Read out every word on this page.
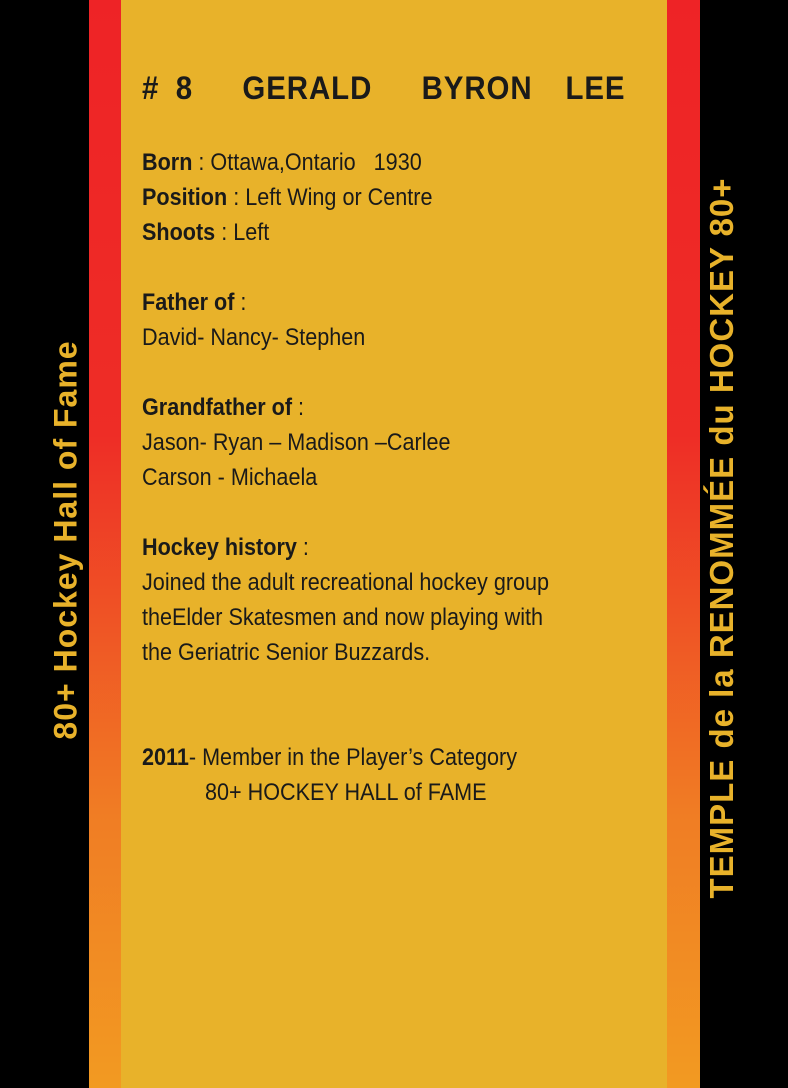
80+ Hockey Hall of Fame	TEMPLE de la RENOMMÉE du HOCKEY 80+
# 8 GERALD   BYRON  LEE
Born : Ottawa,Ontario   1930
Position : Left Wing or Centre
Shoots : Left
Father of :
David- Nancy- Stephen
Grandfather of :
Jason- Ryan – Madison –Carlee
Carson - Michaela
Hockey history :
Joined the adult recreational hockey group
theElder Skatesmen and now playing with
the Geriatric Senior Buzzards.
2011- Member in the Player’s Category
80+ HOCKEY HALL of FAME
